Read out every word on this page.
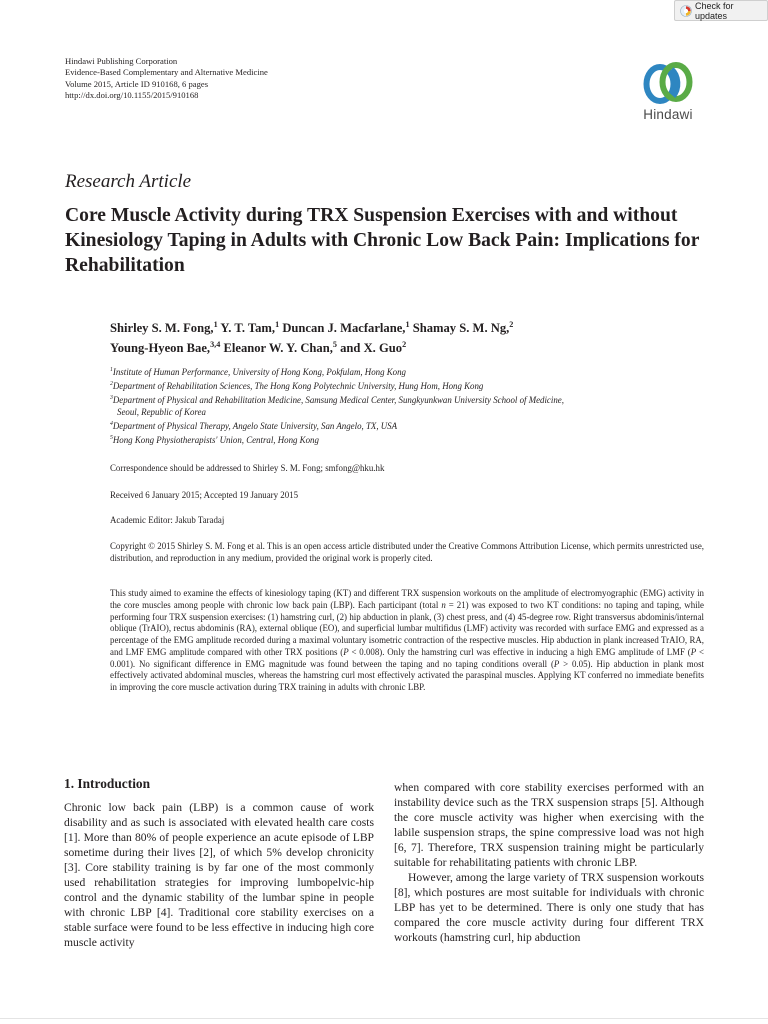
Check for updates
Hindawi Publishing Corporation
Evidence-Based Complementary and Alternative Medicine
Volume 2015, Article ID 910168, 6 pages
http://dx.doi.org/10.1155/2015/910168
Hindawi
Research Article
Core Muscle Activity during TRX Suspension Exercises with and without Kinesiology Taping in Adults with Chronic Low Back Pain: Implications for Rehabilitation
Shirley S. M. Fong,$^1$ Y. T. Tam,$^1$ Duncan J. Macfarlane,$^1$ Shamay S. M. Ng,$^2$
Young-Hyeon Bae,$^{3,4}$ Eleanor W. Y. Chan,$^5$ and X. Guo$^2$
$^1$Institute of Human Performance, University of Hong Kong, Pokfulam, Hong Kong
$^2$Department of Rehabilitation Sciences, The Hong Kong Polytechnic University, Hung Hom, Hong Kong
$^3$Department of Physical and Rehabilitation Medicine, Samsung Medical Center, Sungkyunkwan University School of Medicine,
Seoul, Republic of Korea
$^4$Department of Physical Therapy, Angelo State University, San Angelo, TX, USA
$^5$Hong Kong Physiotherapists' Union, Central, Hong Kong
Correspondence should be addressed to Shirley S. M. Fong; smfong@hku.hk
Received 6 January 2015; Accepted 19 January 2015
Academic Editor: Jakub Taradaj
Copyright © 2015 Shirley S. M. Fong et al. This is an open access article distributed under the Creative Commons Attribution License, which permits unrestricted use, distribution, and reproduction in any medium, provided the original work is properly cited.
This study aimed to examine the effects of kinesiology taping (KT) and different TRX suspension workouts on the amplitude of electromyographic (EMG) activity in the core muscles among people with chronic low back pain (LBP). Each participant (total n = 21) was exposed to two KT conditions: no taping and taping, while performing four TRX suspension exercises: (1) hamstring curl, (2) hip abduction in plank, (3) chest press, and (4) 45-degree row. Right transversus abdominis/internal oblique (TrAIO), rectus abdominis (RA), external oblique (EO), and superficial lumbar multifidus (LMF) activity was recorded with surface EMG and expressed as a percentage of the EMG amplitude recorded during a maximal voluntary isometric contraction of the respective muscles. Hip abduction in plank increased TrAIO, RA, and LMF EMG amplitude compared with other TRX positions (P < 0.008). Only the hamstring curl was effective in inducing a high EMG amplitude of LMF (P < 0.001). No significant difference in EMG magnitude was found between the taping and no taping conditions overall (P > 0.05). Hip abduction in plank most effectively activated abdominal muscles, whereas the hamstring curl most effectively activated the paraspinal muscles. Applying KT conferred no immediate benefits in improving the core muscle activation during TRX training in adults with chronic LBP.
1. Introduction

Chronic low back pain (LBP) is a common cause of work disability and as such is associated with elevated health care costs [1]. More than 80% of people experience an acute episode of LBP sometime during their lives [2], of which 5% develop chronicity [3]. Core stability training is by far one of the most commonly used rehabilitation strategies for improving lumbopelvic-hip control and the dynamic stability of the lumbar spine in people with chronic LBP [4]. Traditional core stability exercises on a stable surface were found to be less effective in inducing high core muscle activity

when compared with core stability exercises performed with an instability device such as the TRX suspension straps [5]. Although the core muscle activity was higher when exercising with the labile suspension straps, the spine compressive load was not high [6, 7]. Therefore, TRX suspension training might be particularly suitable for rehabilitating patients with chronic LBP.

However, among the large variety of TRX suspension workouts [8], which postures are most suitable for individuals with chronic LBP has yet to be determined. There is only one study that has compared the core muscle activity during four different TRX workouts (hamstring curl, hip abduction
